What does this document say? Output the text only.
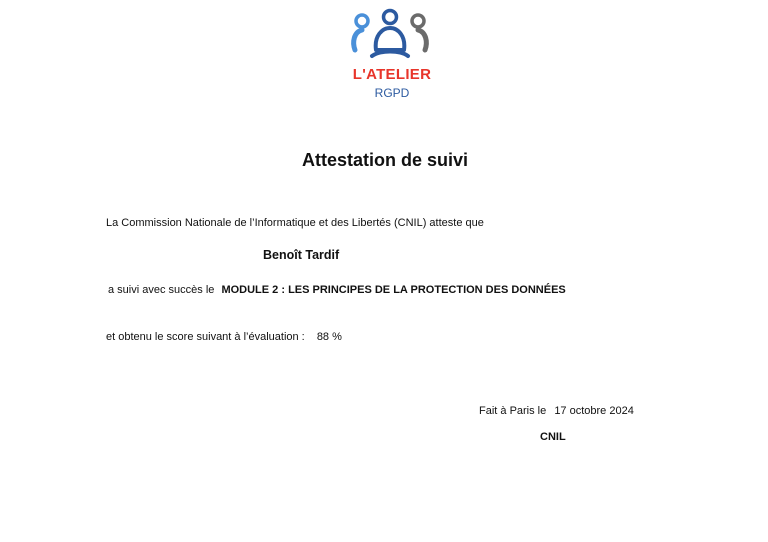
L'ATELIER
RGPD
Attestation de suivi
La Commission Nationale de l’Informatique et des Libertés (CNIL) atteste que
Benoît Tardif
a suivi avec succès le MODULE 2 : LES PRINCIPES DE LA PROTECTION DES DONNÉES
et obtenu le score suivant à l’évaluation : 88 %
Fait à Paris le 17 octobre 2024
CNIL
